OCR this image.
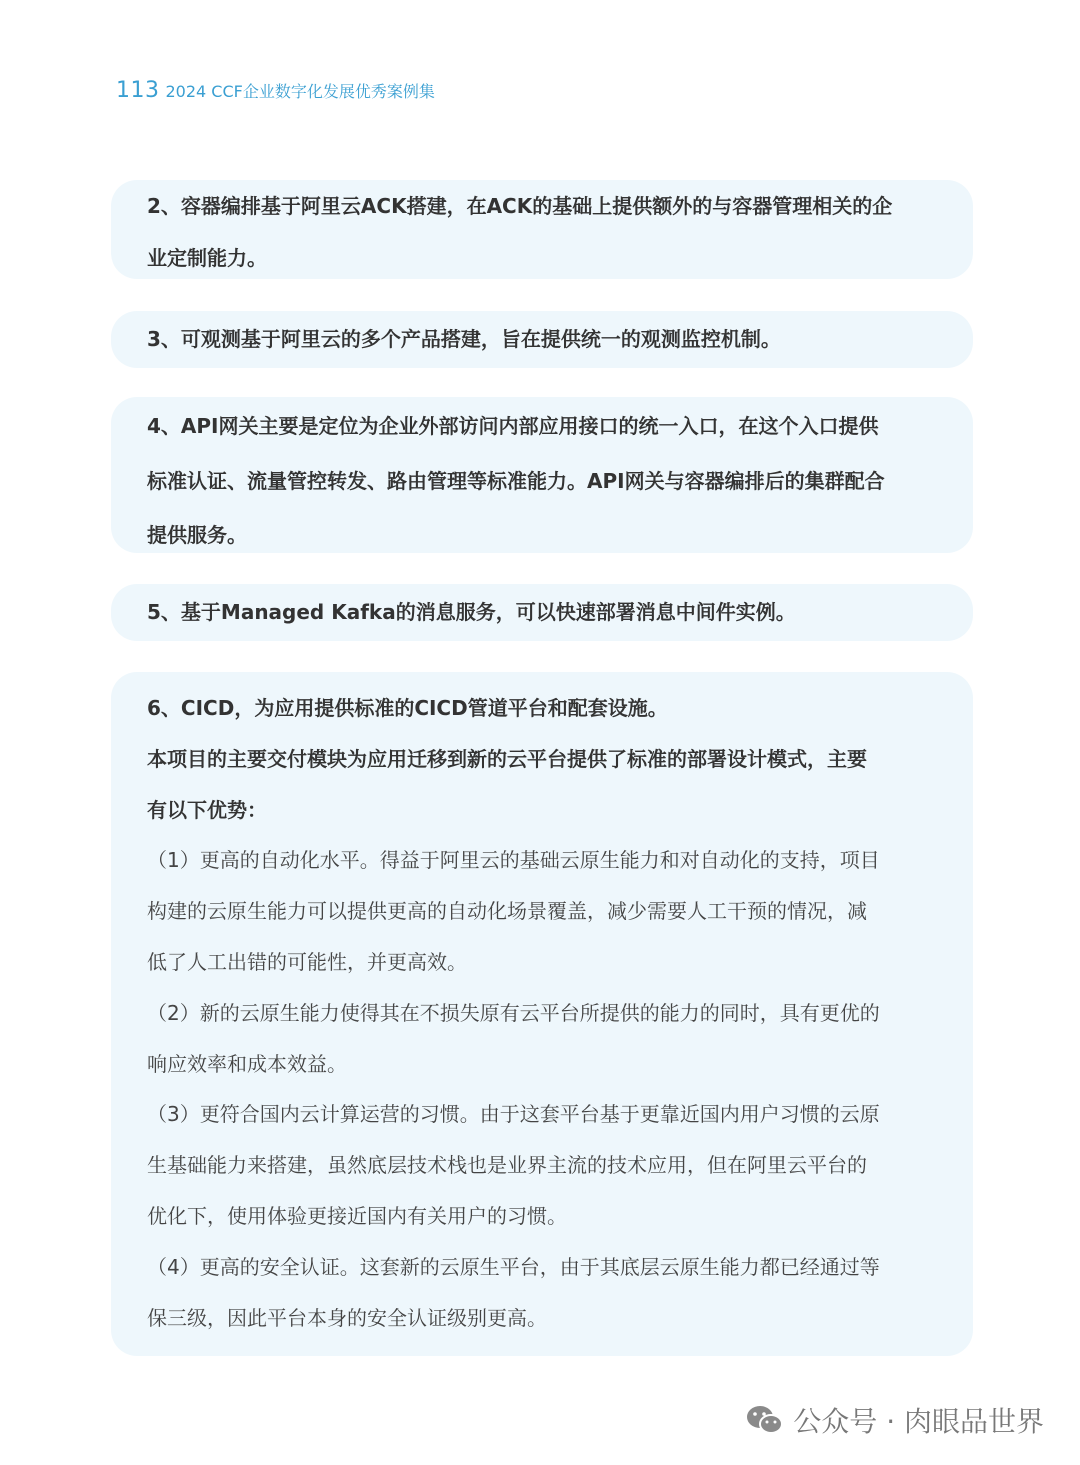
113 2024 CCF企业数字化发展优秀案例集

2、容器编排基于阿里云ACK搭建，在ACK的基础上提供额外的与容器管理相关的企

业定制能力。

3、可观测基于阿里云的多个产品搭建，旨在提供统一的观测监控机制。

4、API网关主要是定位为企业外部访问内部应用接口的统一入口，在这个入口提供

标准认证、流量管控转发、路由管理等标准能力。API网关与容器编排后的集群配合

提供服务。

5、基于Managed Kafka的消息服务，可以快速部署消息中间件实例。

6、CICD，为应用提供标准的CICD管道平台和配套设施。

本项目的主要交付模块为应用迁移到新的云平台提供了标准的部署设计模式，主要

有以下优势：

（1）更高的自动化水平。得益于阿里云的基础云原生能力和对自动化的支持，项目

构建的云原生能力可以提供更高的自动化场景覆盖，减少需要人工干预的情况，减

低了人工出错的可能性，并更高效。

（2）新的云原生能力使得其在不损失原有云平台所提供的能力的同时，具有更优的

响应效率和成本效益。

（3）更符合国内云计算运营的习惯。由于这套平台基于更靠近国内用户习惯的云原

生基础能力来搭建，虽然底层技术栈也是业界主流的技术应用，但在阿里云平台的

优化下，使用体验更接近国内有关用户的习惯。

（4）更高的安全认证。这套新的云原生平台，由于其底层云原生能力都已经通过等

保三级，因此平台本身的安全认证级别更高。

公众号 · 肉眼品世界
